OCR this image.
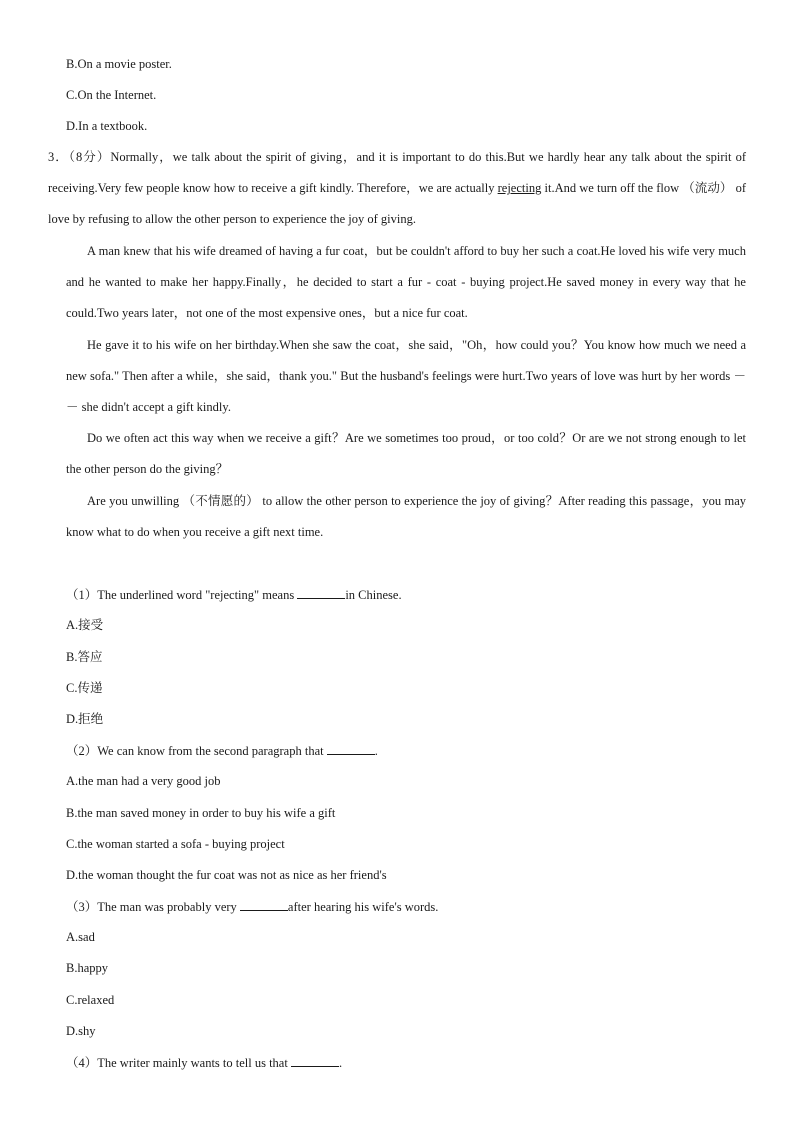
B.On a movie poster.
C.On the Internet.
D.In a textbook.
3．（8分）Normally，we talk about the spirit of giving，and it is important to do this.But we hardly hear any talk about the spirit of receiving.Very few people know how to receive a gift kindly. Therefore，we are actually rejecting it.And we turn off the flow （流动） of love by refusing to allow the other person to experience the joy of giving.
A man knew that his wife dreamed of having a fur coat，but be couldn't afford to buy her such a coat.He loved his wife very much and he wanted to make her happy.Finally，he decided to start a fur - coat - buying project.He saved money in every way that he could.Two years later，not one of the most expensive ones，but a nice fur coat.
He gave it to his wife on her birthday.When she saw the coat，she said，"Oh，how could you？You know how much we need a new sofa." Then after a while，she said，thank you." But the husband's feelings were hurt.Two years of love was hurt by her words －－ she didn't accept a gift kindly.
Do we often act this way when we receive a gift？Are we sometimes too proud，or too cold？Or are we not strong enough to let the other person do the giving？
Are you unwilling （不情愿的） to allow the other person to experience the joy of giving？After reading this passage，you may know what to do when you receive a gift next time.
（1）The underlined word "rejecting" means	in Chinese.
A.接受
B.答应
C.传递
D.拒绝
（2）We can know from the second paragraph that	.
A.the man had a very good job
B.the man saved money in order to buy his wife a gift
C.the woman started a sofa - buying project
D.the woman thought the fur coat was not as nice as her friend's
（3）The man was probably very	after hearing his wife's words.
A.sad
B.happy
C.relaxed
D.shy
（4）The writer mainly wants to tell us that	.
